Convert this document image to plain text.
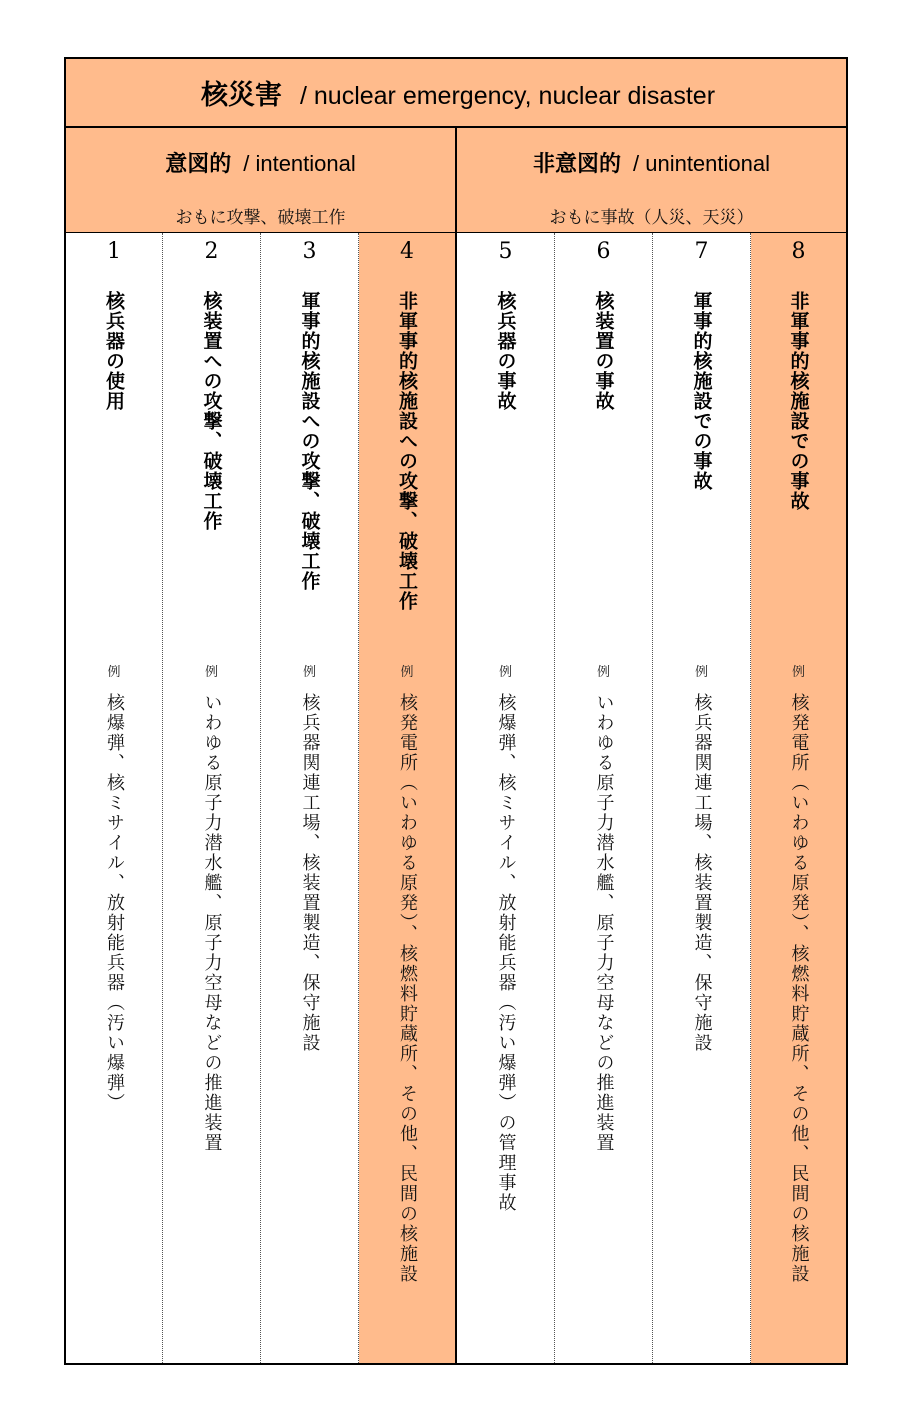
核災害 / nuclear emergency, nuclear disaster
意図的 / intentional
おもに攻撃、破壊工作
非意図的 / unintentional
おもに事故（人災、天災）
1
核兵器の使用
例
核爆弾、核ミサイル、放射能兵器（汚い爆弾）
2
核装置への攻撃、破壊工作
例
いわゆる原子力潜水艦、原子力空母などの推進装置
3
軍事的核施設への攻撃、破壊工作
例
核兵器関連工場、核装置製造、保守施設
4
非軍事的核施設への攻撃、破壊工作
例
核発電所（いわゆる原発）、核燃料貯蔵所、その他、民間の核施設
5
核兵器の事故
例
核爆弾、核ミサイル、放射能兵器（汚い爆弾）の管理事故
6
核装置の事故
例
いわゆる原子力潜水艦、原子力空母などの推進装置
7
軍事的核施設での事故
例
核兵器関連工場、核装置製造、保守施設
8
非軍事的核施設での事故
例
核発電所（いわゆる原発）、核燃料貯蔵所、その他、民間の核施設
